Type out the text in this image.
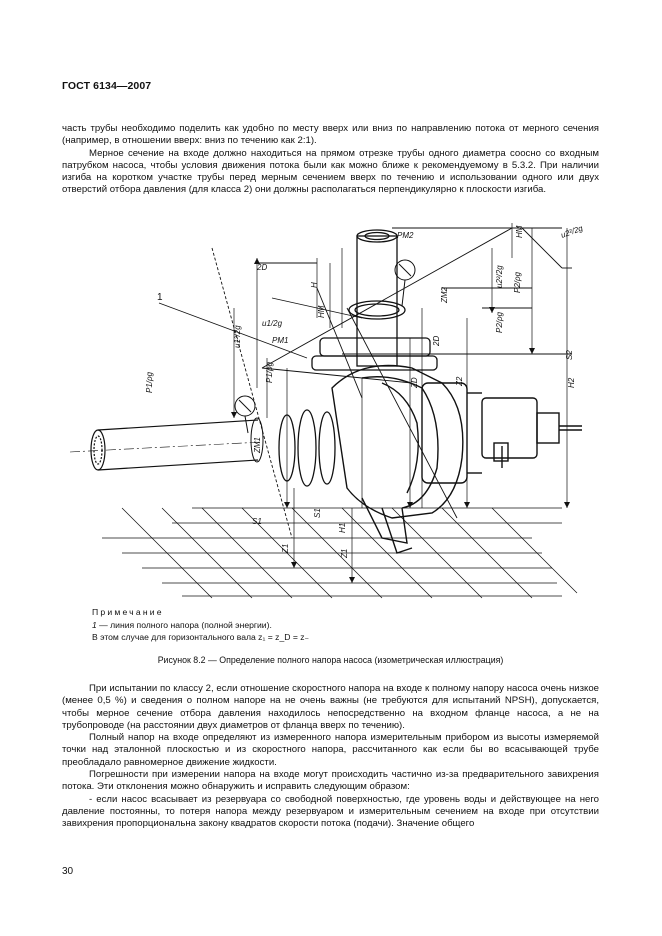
ГОСТ 6134—2007

часть трубы необходимо поделить как удобно по месту вверх или вниз по направлению потока от мерного сечения (например, в отношении вверх: вниз по течению как 2:1).

Мерное сечение на входе должно находиться на прямом отрезке трубы одного диаметра соосно со входным патрубком насоса, чтобы условия движения потока были как можно ближе к рекомендуемому в 5.3.2. При наличии изгиба на коротком участке трубы перед мерным сечением вверх по течению и использовании одного или двух отверстий отбора давления (для класса 2) они должны располагаться перпендикулярно к плоскости изгиба.

1
2D
PM2
PM1
H
HM
HM
H1
H2
u1²/2g
u1/2g
u2²/2g
u2²/2g
P1/ρg	P1/ρg
P2/ρg
P2/ρg
ZM1
ZM2
Z1
Z1
Z2
2D
ZD
S1
S1
S2
Примечание
1 — линия полного напора (полной энергии).
В этом случае для горизонтального вала z₁ = z_D = z₋
Рисунок 8.2 — Определение полного напора насоса (изометрическая иллюстрация)

При испытании по классу 2, если отношение скоростного напора на входе к полному напору насоса очень низкое (менее 0,5 %) и сведения о полном напоре на не очень важны (не требуются для испытаний NPSH), допускается, чтобы мерное сечение отбора давления находилось непосредственно на входном фланце насоса, а не на трубопроводе (на расстоянии двух диаметров от фланца вверх по течению).

Полный напор на входе определяют из измеренного напора измерительным прибором из высоты измеряемой точки над эталонной плоскостью и из скоростного напора, рассчитанного как если бы во всасывающей трубе преобладало равномерное движение жидкости.

Погрешности при измерении напора на входе могут происходить частично из-за предварительного завихрения потока. Эти отклонения можно обнаружить и исправить следующим образом:

- если насос всасывает из резервуара со свободной поверхностью, где уровень воды и действующее на него давление постоянны, то потеря напора между резервуаром и измерительным сечением на входе при отсутствии завихрения пропорциональна закону квадратов скорости потока (подачи). Значение общего

30
